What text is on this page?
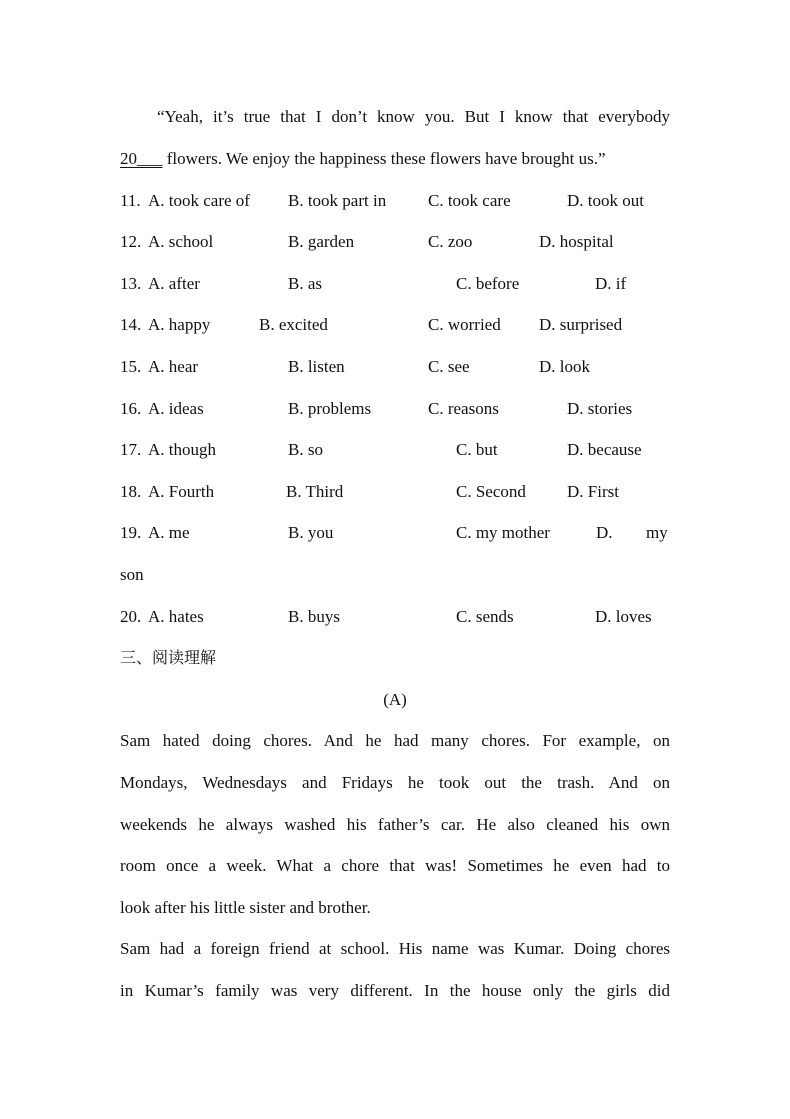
“Yeah, it’s true that I don’t know you. But I know that everybody
20___ flowers. We enjoy the happiness these flowers have brought us.”
11. A. took care of B. took part in C. took care	D. took out
12. A. school	B. garden	C. zoo	D. hospital
13. A. after	B. as	C. before	D. if
14. A. happy	B. excited	C. worried D. surprised
15. A. hear	B. listen	C. see	D. look
16. A. ideas	B. problems	C. reasons	D. stories
17. A. though	B. so	C. but	D. because
18. A. Fourth	B. Third	C. Second D. First
19. A. me	B. you	C. my mother	D. my
son
20. A. hates	B. buys	C. sends	D. loves
三、阅读理解
(A)
Sam hated doing chores. And he had many chores. For example, on
Mondays, Wednesdays and Fridays he took out the trash. And on
weekends he always washed his father’s car. He also cleaned his own
room once a week. What a chore that was! Sometimes he even had to
look after his little sister and brother.
Sam had a foreign friend at school. His name was Kumar. Doing chores
in Kumar’s family was very different. In the house only the girls did
